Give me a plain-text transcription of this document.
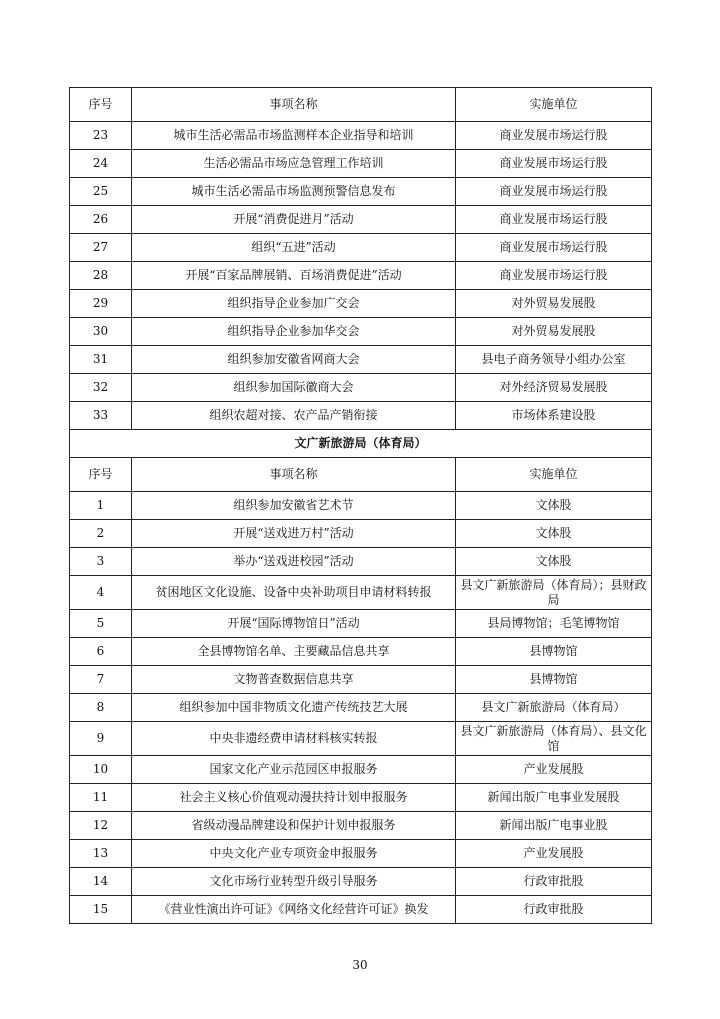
序号	事项名称	实施单位
23	城市生活必需品市场监测样本企业指导和培训	商业发展市场运行股
24	生活必需品市场应急管理工作培训	商业发展市场运行股
25	城市生活必需品市场监测预警信息发布	商业发展市场运行股
26	开展“消费促进月”活动	商业发展市场运行股
27	组织“五进”活动	商业发展市场运行股
28	开展“百家品牌展销、百场消费促进”活动	商业发展市场运行股
29	组织指导企业参加广交会	对外贸易发展股
30	组织指导企业参加华交会	对外贸易发展股
31	组织参加安徽省网商大会	县电子商务领导小组办公室
32	组织参加国际徽商大会	对外经济贸易发展股
33	组织农超对接、农产品产销衔接	市场体系建设股
文广新旅游局（体育局）		
序号	事项名称	实施单位
1	组织参加安徽省艺术节	文体股
2	开展“送戏进万村”活动	文体股
3	举办“送戏进校园”活动	文体股
4	贫困地区文化设施、设备中央补助项目申请材料转报	县文广新旅游局（体育局）；县财政局
5	开展“国际博物馆日”活动	县局博物馆；毛笔博物馆
6	全县博物馆名单、主要藏品信息共享	县博物馆
7	文物普查数据信息共享	县博物馆
8	组织参加中国非物质文化遗产传统技艺大展	县文广新旅游局（体育局）
9	中央非遗经费申请材料核实转报	县文广新旅游局（体育局）、县文化馆
10	国家文化产业示范园区申报服务	产业发展股
11	社会主义核心价值观动漫扶持计划申报服务	新闻出版广电事业发展股
12	省级动漫品牌建设和保护计划申报服务	新闻出版广电事业股
13	中央文化产业专项资金申报服务	产业发展股
14	文化市场行业转型升级引导服务	行政审批股
15	《营业性演出许可证》《网络文化经营许可证》换发	行政审批股
30
